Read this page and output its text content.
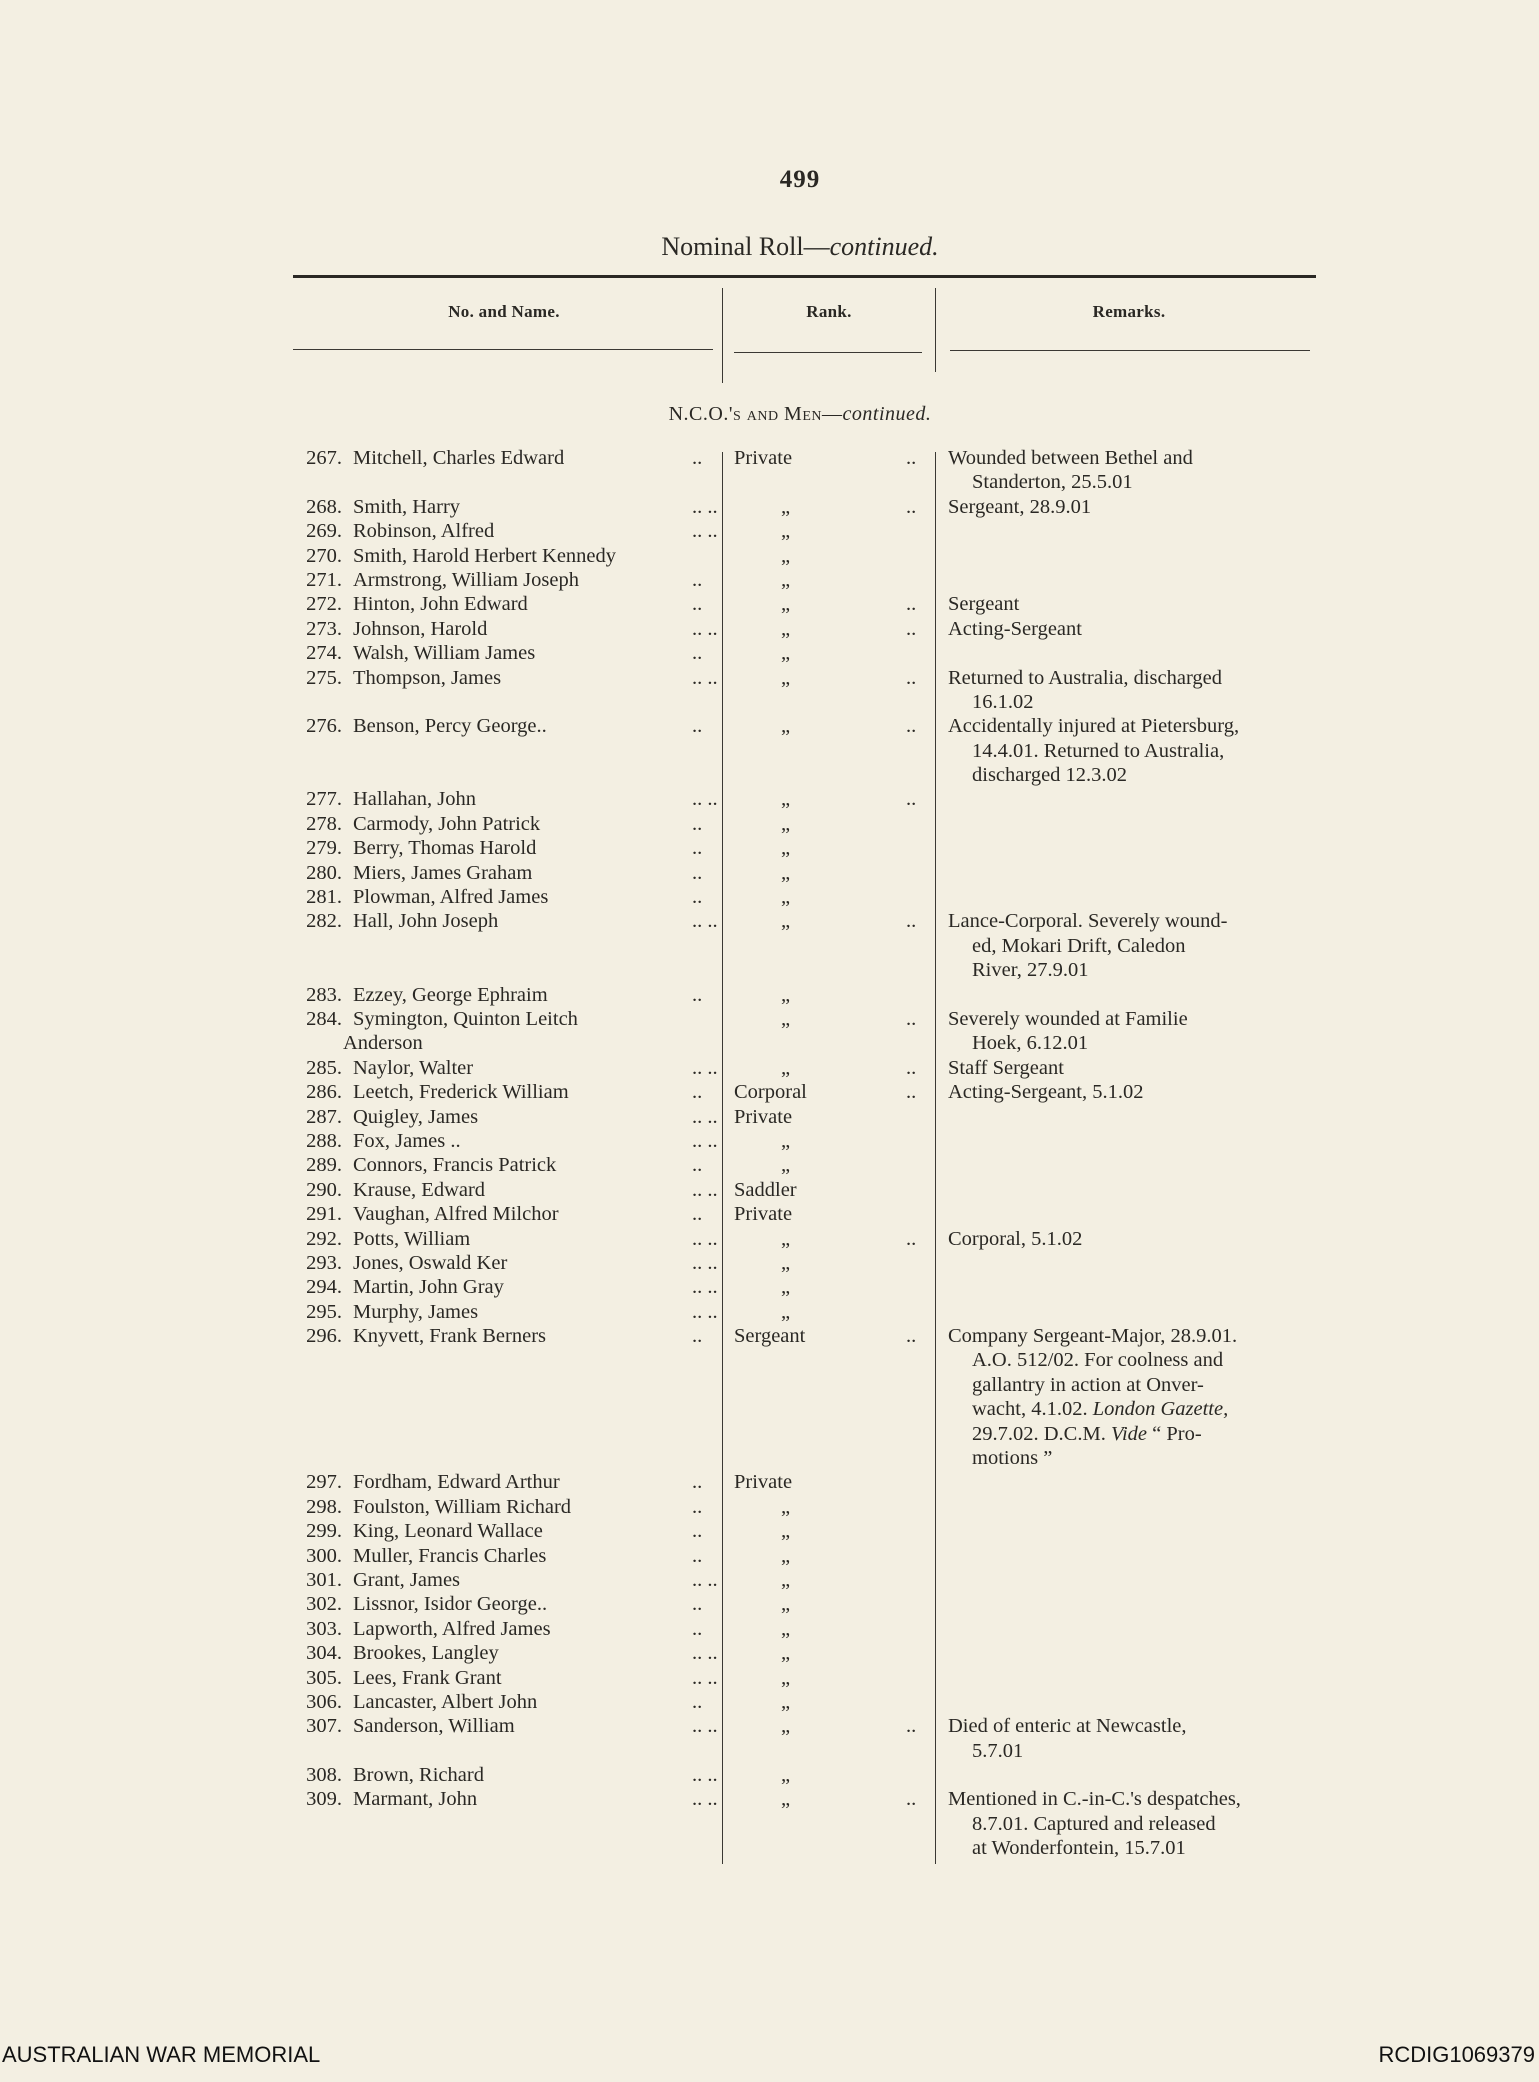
499
Nominal Roll—continued.
No. and Name.	Rank.	Remarks.
N.C.O.'s and Men—continued.
267. Mitchell, Charles Edward	.. Private	.. Wounded between Bethel and
Standerton, 25.5.01
268. Smith, Harry	.. ..	„	.. Sergeant, 28.9.01
269. Robinson, Alfred	.. ..	„
270. Smith, Harold Herbert Kennedy	„
271. Armstrong, William Joseph	..	„
272. Hinton, John Edward	..	„	.. Sergeant
273. Johnson, Harold	.. ..	„	.. Acting-Sergeant
274. Walsh, William James	..	„
275. Thompson, James	.. ..	„	.. Returned to Australia, discharged
16.1.02
276. Benson, Percy George..	..	„	.. Accidentally injured at Pietersburg,
14.4.01. Returned to Australia,
discharged 12.3.02
277. Hallahan, John	.. ..	„	..
278. Carmody, John Patrick	..	„
279. Berry, Thomas Harold	..	„
280. Miers, James Graham	..	„
281. Plowman, Alfred James	..	„
282. Hall, John Joseph	.. ..	„	.. Lance-Corporal. Severely wound-
ed, Mokari Drift, Caledon
River, 27.9.01
283. Ezzey, George Ephraim	..	„
284. Symington, Quinton Leitch	„	.. Severely wounded at Familie
Anderson	Hoek, 6.12.01
285. Naylor, Walter	.. ..	„	.. Staff Sergeant
286. Leetch, Frederick William	.. Corporal	.. Acting-Sergeant, 5.1.02
287. Quigley, James	.. .. Private
288. Fox, James ..	.. ..	„
289. Connors, Francis Patrick	..	„
290. Krause, Edward	.. .. Saddler
291. Vaughan, Alfred Milchor	.. Private
292. Potts, William	.. ..	„	.. Corporal, 5.1.02
293. Jones, Oswald Ker	.. ..	„
294. Martin, John Gray	.. ..	„
295. Murphy, James	.. ..	„
296. Knyvett, Frank Berners	.. Sergeant	.. Company Sergeant-Major, 28.9.01.
A.O. 512/02. For coolness and
gallantry in action at Onver-
wacht, 4.1.02. London Gazette,
29.7.02. D.C.M. Vide “ Pro-
motions ”
297. Fordham, Edward Arthur	.. Private
298. Foulston, William Richard	..	„
299. King, Leonard Wallace	..	„
300. Muller, Francis Charles	..	„
301. Grant, James	.. ..	„
302. Lissnor, Isidor George..	..	„
303. Lapworth, Alfred James	..	„
304. Brookes, Langley	.. ..	„
305. Lees, Frank Grant	.. ..	„
306. Lancaster, Albert John	..	„
307. Sanderson, William	.. ..	„	.. Died of enteric at Newcastle,
5.7.01
308. Brown, Richard	.. ..	„
309. Marmant, John	.. ..	„	.. Mentioned in C.-in-C.'s despatches,
8.7.01. Captured and released
at Wonderfontein, 15.7.01
AUSTRALIAN WAR MEMORIAL	RCDIG1069379
